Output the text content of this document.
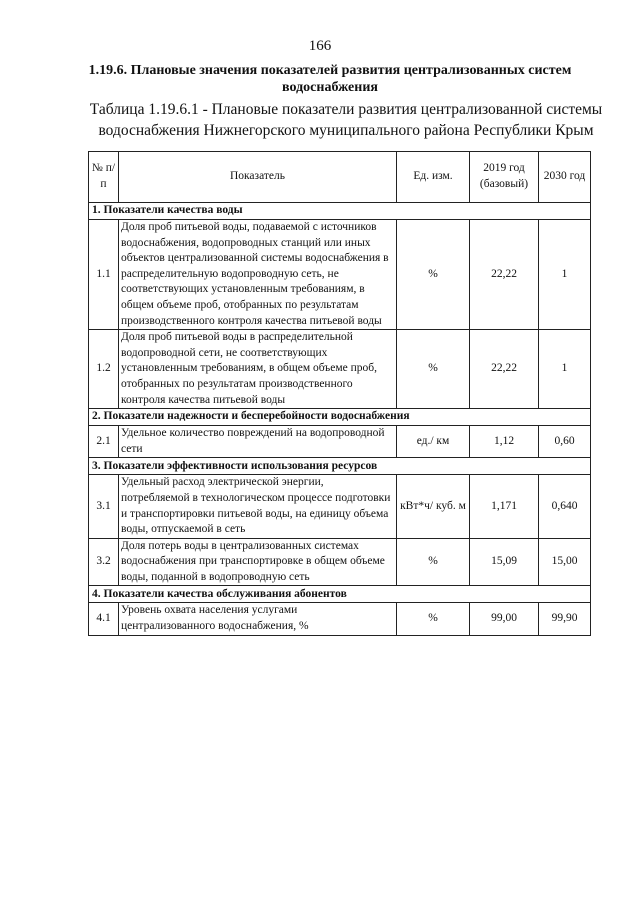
166
1.19.6. Плановые значения показателей развития централизованных систем водоснабжения
Таблица 1.19.6.1 - Плановые показатели развития централизованной системы водоснабжения Нижнегорского муниципального района Республики Крым
№ п/п	Показатель	Ед. изм.	2019 год (базовый)	2030 год
1. Показатели качества воды				
1.1	Доля проб питьевой воды, подаваемой с источников водоснабжения, водопроводных станций или иных объектов централизованной системы водоснабжения в распределительную водопроводную сеть, не соответствующих установленным требованиям, в общем объеме проб, отобранных по результатам производственного контроля качества питьевой воды	%	22,22	1
1.2	Доля проб питьевой воды в распределительной водопроводной сети, не соответствующих установленным требованиям, в общем объеме проб, отобранных по результатам производственного контроля качества питьевой воды	%	22,22	1
2. Показатели надежности и бесперебойности водоснабжения				
2.1	Удельное количество повреждений на водопроводной сети	ед./ км	1,12	0,60
3. Показатели эффективности использования ресурсов				
3.1	Удельный расход электрической энергии, потребляемой в технологическом процессе подготовки и транспортировки питьевой воды, на единицу объема воды, отпускаемой в сеть	кВт*ч/ куб. м	1,171	0,640
3.2	Доля потерь воды в централизованных системах водоснабжения при транспортировке в общем объеме воды, поданной в водопроводную сеть	%	15,09	15,00
4. Показатели качества обслуживания абонентов				
4.1	Уровень охвата населения услугами централизованного водоснабжения, %	%	99,00	99,90
